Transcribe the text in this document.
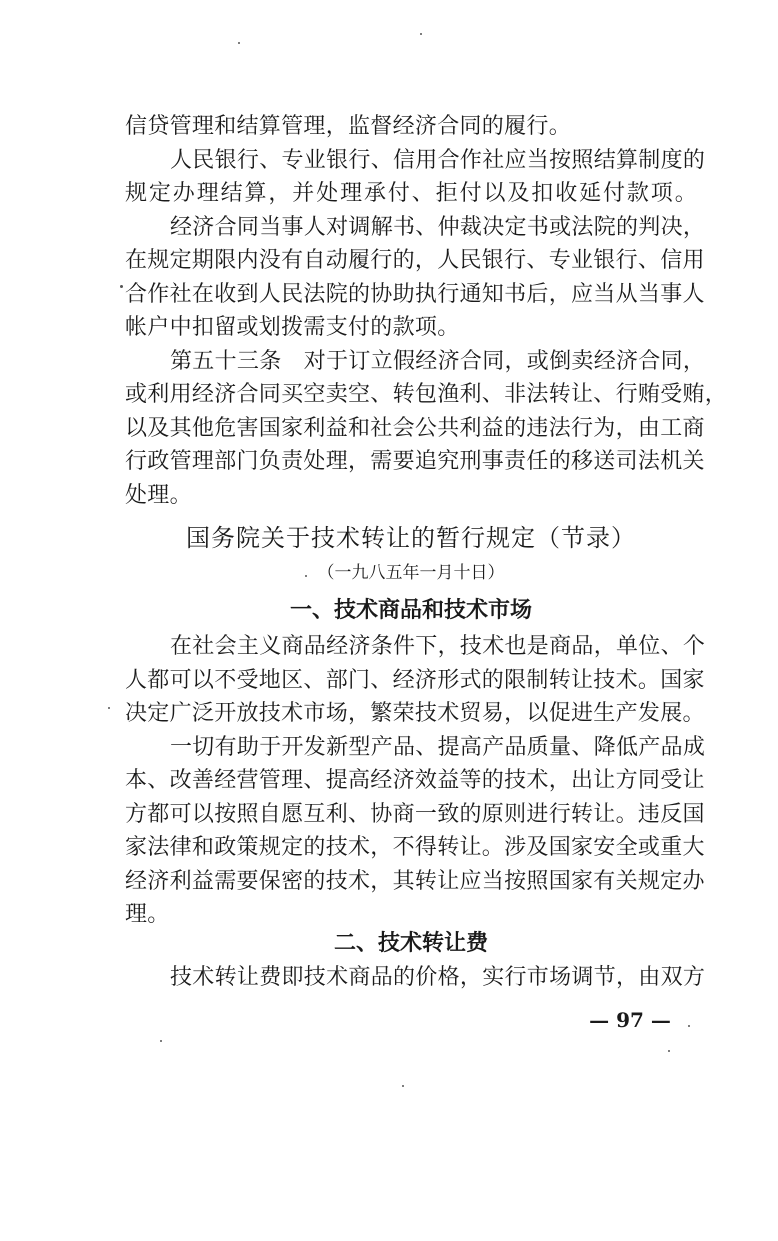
信贷管理和结算管理，监督经济合同的履行。
人民银行、专业银行、信用合作社应当按照结算制度的
规定办理结算，并处理承付、拒付以及扣收延付款项。
经济合同当事人对调解书、仲裁决定书或法院的判决，
在规定期限内没有自动履行的，人民银行、专业银行、信用
合作社在收到人民法院的协助执行通知书后，应当从当事人
帐户中扣留或划拨需支付的款项。
第五十三条　对于订立假经济合同，或倒卖经济合同，
或利用经济合同买空卖空、转包渔利、非法转让、行贿受贿，
以及其他危害国家利益和社会公共利益的违法行为，由工商
行政管理部门负责处理，需要追究刑事责任的移送司法机关
处理。
国务院关于技术转让的暂行规定（节录）
（一九八五年一月十日）
一、技术商品和技术市场
在社会主义商品经济条件下，技术也是商品，单位、个
人都可以不受地区、部门、经济形式的限制转让技术。国家
决定广泛开放技术市场，繁荣技术贸易，以促进生产发展。
一切有助于开发新型产品、提高产品质量、降低产品成
本、改善经营管理、提高经济效益等的技术，出让方同受让
方都可以按照自愿互利、协商一致的原则进行转让。违反国
家法律和政策规定的技术，不得转让。涉及国家安全或重大
经济利益需要保密的技术，其转让应当按照国家有关规定办
理。
二、技术转让费
技术转让费即技术商品的价格，实行市场调节，由双方
— 97 —
